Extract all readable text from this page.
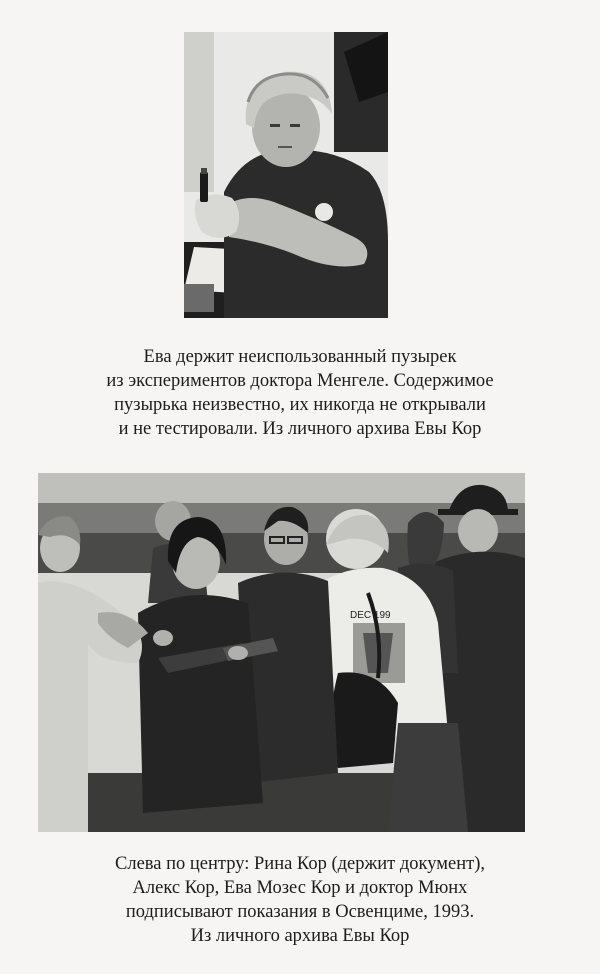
Ева держит неиспользованный пузырек
из экспериментов доктора Менгеле. Содержимое
пузырька неизвестно, их никогда не открывали
и не тестировали. Из личного архива Евы Кор
DEC 199
Слева по центру: Рина Кор (держит документ),
Алекс Кор, Ева Мозес Кор и доктор Мюнх
подписывают показания в Освенциме, 1993.
Из личного архива Евы Кор
